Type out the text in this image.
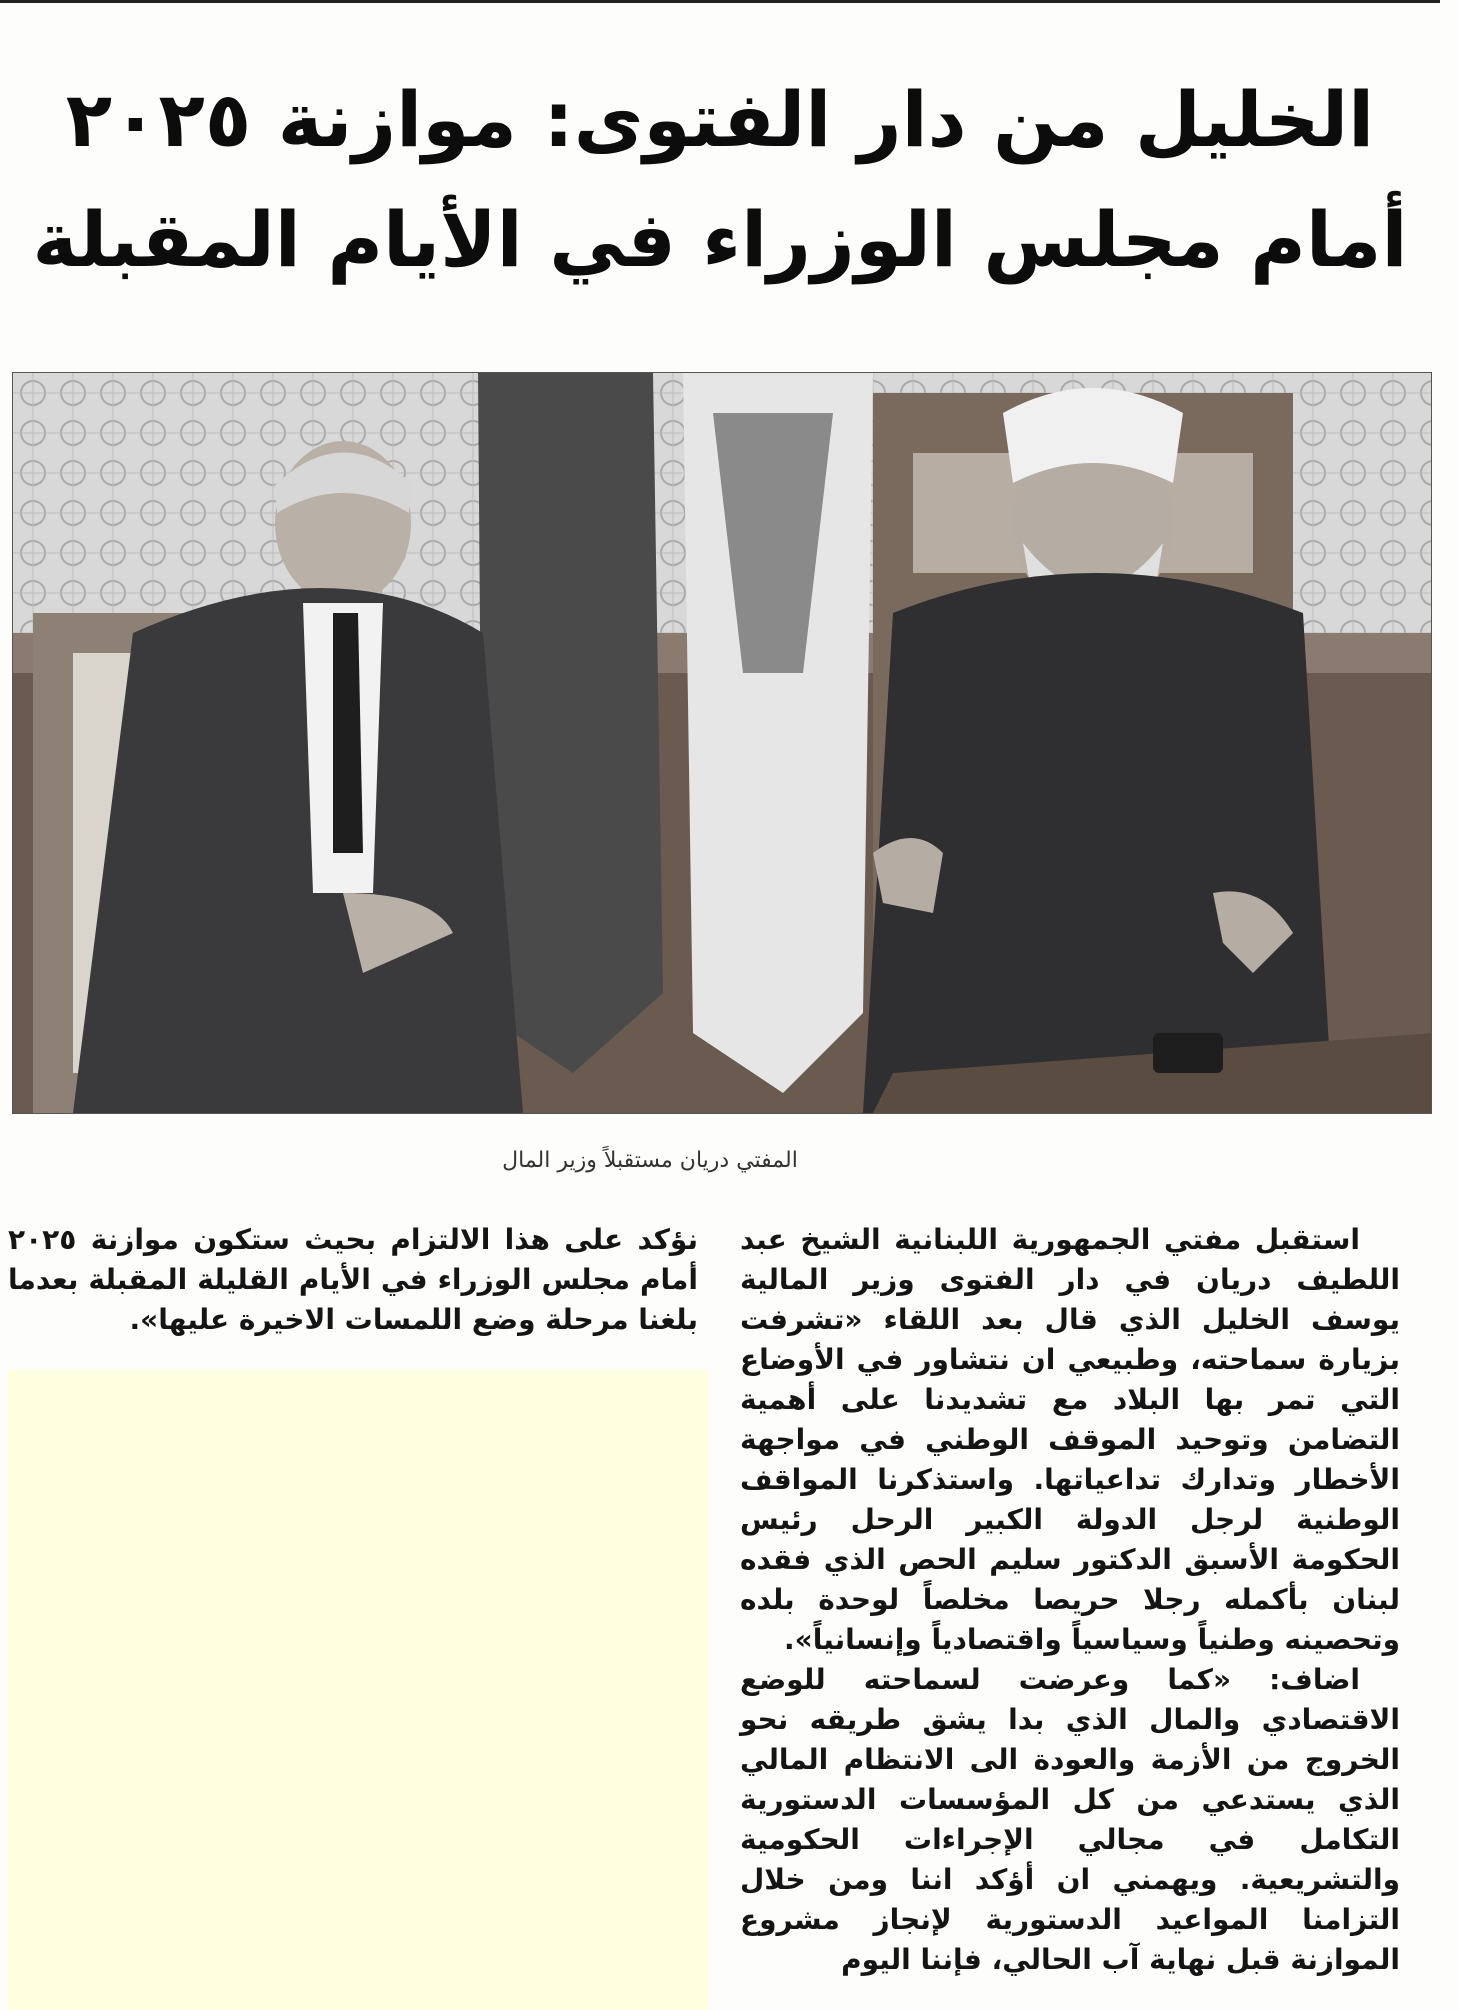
الخليل من دار الفتوى: موازنة ٢٠٢٥
أمام مجلس الوزراء في الأيام المقبلة
المفتي دريان مستقبلاً وزير المال

استقبل مفتي الجمهورية اللبنانية الشيخ عبد اللطيف دريان في دار الفتوى وزير المالية يوسف الخليل الذي قال بعد اللقاء «تشرفت بزيارة سماحته، وطبيعي ان نتشاور في الأوضاع التي تمر بها البلاد مع تشديدنا على أهمية التضامن وتوحيد الموقف الوطني في مواجهة الأخطار وتدارك تداعياتها. واستذكرنا المواقف الوطنية لرجل الدولة الكبير الرحل رئيس الحكومة الأسبق الدكتور سليم الحص الذي فقده لبنان بأكمله رجلا حريصا مخلصاً لوحدة بلده وتحصينه وطنياً وسياسياً واقتصادياً وإنسانياً».

اضاف: «كما وعرضت لسماحته للوضع الاقتصادي والمال الذي بدا يشق طريقه نحو الخروج من الأزمة والعودة الى الانتظام المالي الذي يستدعي من كل المؤسسات الدستورية التكامل في مجالي الإجراءات الحكومية والتشريعية. ويهمني ان أؤكد اننا ومن خلال التزامنا المواعيد الدستورية لإنجاز مشروع الموازنة قبل نهاية آب الحالي، فإننا اليوم

نؤكد على هذا الالتزام بحيث ستكون موازنة ٢٠٢٥ أمام مجلس الوزراء في الأيام القليلة المقبلة بعدما بلغنا مرحلة وضع اللمسات الاخيرة عليها».
